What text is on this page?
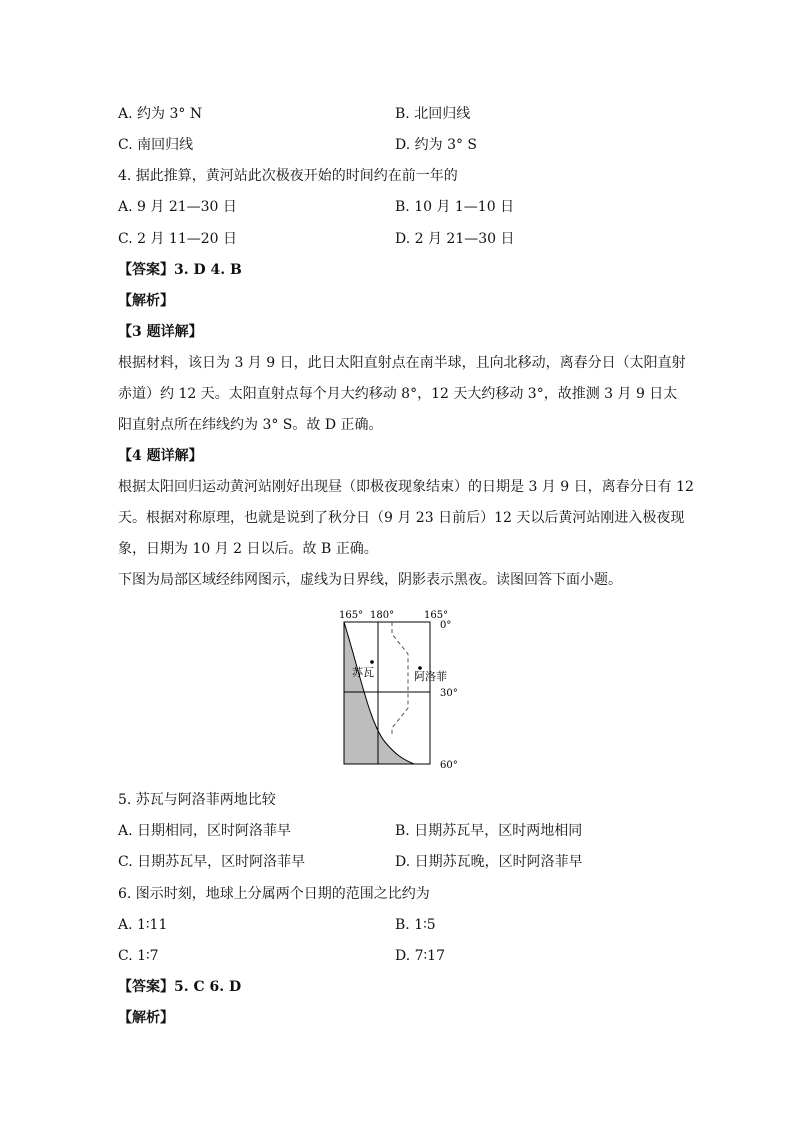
A. 约为 3° N	B. 北回归线
C. 南回归线	D. 约为 3° S
4. 据此推算，黄河站此次极夜开始的时间约在前一年的
A. 9 月 21—30 日	B. 10 月 1—10 日
C. 2 月 11—20 日	D. 2 月 21—30 日
【答案】3. D 4. B
【解析】
【3 题详解】
根据材料，该日为 3 月 9 日，此日太阳直射点在南半球，且向北移动，离春分日（太阳直射
赤道）约 12 天。太阳直射点每个月大约移动 8°，12 天大约移动 3°，故推测 3 月 9 日太
阳直射点所在纬线约为 3° S。故 D 正确。
【4 题详解】
根据太阳回归运动黄河站刚好出现昼（即极夜现象结束）的日期是 3 月 9 日，离春分日有 12
天。根据对称原理，也就是说到了秋分日（9 月 23 日前后）12 天以后黄河站刚进入极夜现
象，日期为 10 月 2 日以后。故 B 正确。
下图为局部区域经纬网图示，虚线为日界线，阴影表示黑夜。读图回答下面小题。
165° 180°	165°
0°
30°
60°
苏瓦	阿洛菲
5. 苏瓦与阿洛菲两地比较
A. 日期相同，区时阿洛菲早	B. 日期苏瓦早，区时两地相同
C. 日期苏瓦早，区时阿洛菲早	D. 日期苏瓦晚，区时阿洛菲早
6. 图示时刻，地球上分属两个日期的范围之比约为
A. 1∶11	B. 1∶5
C. 1∶7	D. 7∶17
【答案】5. C 6. D
【解析】
